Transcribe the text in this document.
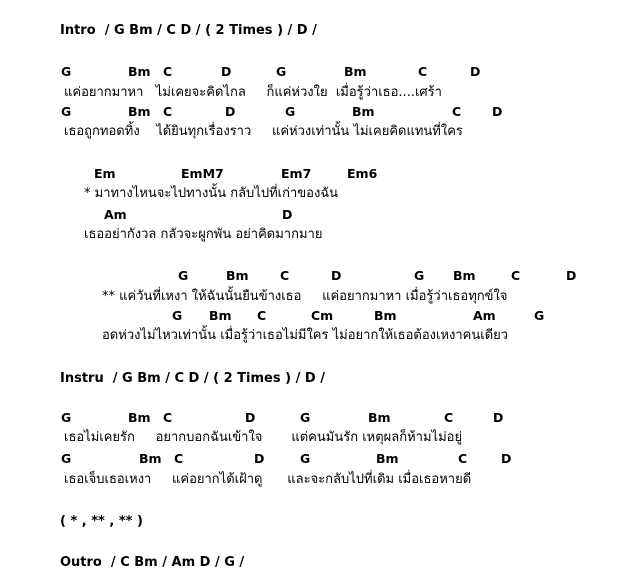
Intro  / G Bm / C D / ( 2 Times ) / D /
G	Bm C	D	G	Bm	C	D
แค่อยากมาหา   ไม่เคยจะคิดไกล     ก็แค่ห่วงใย  เมื่อรู้ว่าเธอ....เศร้า
G	Bm C	D	G	Bm	C D
เธอถูกทอดทิ้ง    ได้ยินทุกเรื่องราว     แค่ห่วงเท่านั้น ไม่เคยคิดแทนที่ใคร
Em	EmM7	Em7	Em6
* มาทางไหนจะไปทางนั้น กลับไปที่เก่าของฉัน
Am	D
เธออย่ากังวล กลัวจะผูกพัน อย่าคิดมากมาย
G	Bm	C	D	G Bm	C	D
** แค่วันที่เหงา ให้ฉันนั้นยืนข้างเธอ     แค่อยากมาหา เมื่อรู้ว่าเธอทุกข์ใจ
G Bm C	Cm	Bm	Am	G
อดห่วงไม่ไหวเท่านั้น เมื่อรู้ว่าเธอไม่มีใคร ไม่อยากให้เธอต้องเหงาคนเดียว
Instru  / G Bm / C D / ( 2 Times ) / D /
G	Bm C	D	G	Bm	C	D
เธอไม่เคยรัก     อยากบอกฉันเข้าใจ       แต่คนมันรัก เหตุผลก็ห้ามไม่อยู่
G	Bm C	D	G	Bm	C	D
เธอเจ็บเธอเหงา     แค่อยากได้เฝ้าดู      และจะกลับไปที่เดิม เมื่อเธอหายดี
( * , ** , ** )
Outro  / C Bm / Am D / G /
